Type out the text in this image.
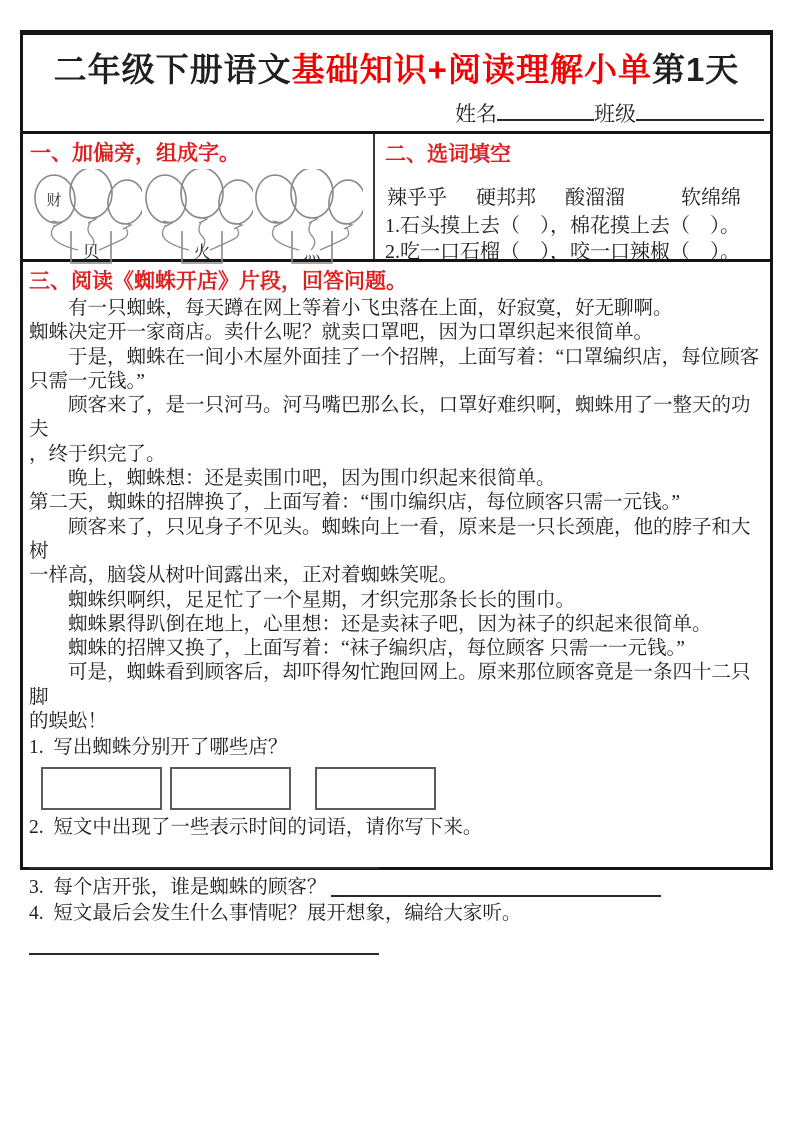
二年级下册语文基础知识+阅读理解小单第1天
姓名	班级
一、加偏旁，组成字。
财
贝	火	灬
二、选词填空
辣乎乎 硬邦邦 酸溜溜	软绵绵
1.石头摸上去（　），棉花摸上去（　）。
2.吃一口石榴（　），咬一口辣椒（　）。
三、阅读《蜘蛛开店》片段，回答问题。
　　有一只蜘蛛，每天蹲在网上等着小飞虫落在上面，好寂寞，好无聊啊。
蜘蛛决定开一家商店。卖什么呢？就卖口罩吧，因为口罩织起来很简单。
　　于是，蜘蛛在一间小木屋外面挂了一个招牌，上面写着：“口罩编织店，每位顾客
只需一元钱。”
　　顾客来了，是一只河马。河马嘴巴那么长，口罩好难织啊，蜘蛛用了一整天的功夫
，终于织完了。
　　晚上，蜘蛛想：还是卖围巾吧，因为围巾织起来很简单。
第二天，蜘蛛的招牌换了，上面写着：“围巾编织店，每位顾客只需一元钱。”
　　顾客来了，只见身子不见头。蜘蛛向上一看，原来是一只长颈鹿，他的脖子和大树
一样高，脑袋从树叶间露出来，正对着蜘蛛笑呢。
　　蜘蛛织啊织，足足忙了一个星期，才织完那条长长的围巾。
　　蜘蛛累得趴倒在地上，心里想：还是卖袜子吧，因为袜子的织起来很简单。
　　蜘蛛的招牌又换了，上面写着：“袜子编织店，每位顾客 只需一一元钱。”
　　可是，蜘蛛看到顾客后，却吓得匆忙跑回网上。原来那位顾客竟是一条四十二只脚
的蜈蚣！
1.  写出蜘蛛分别开了哪些店？
2.  短文中出现了一些表示时间的词语，请你写下来。
3.  每个店开张，谁是蜘蛛的顾客？
4.  短文最后会发生什么事情呢？展开想象，编给大家听。
